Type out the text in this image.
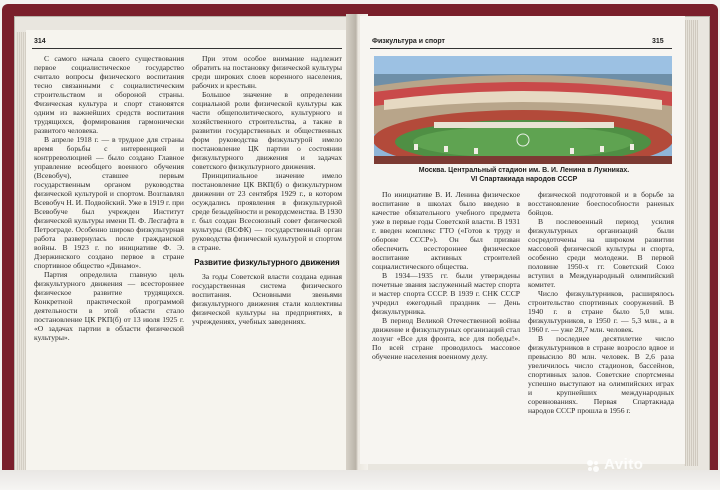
314

С самого начала своего существования первое социалистическое государство считало вопросы физического воспитания тесно связанными с социалистическим строительством и обороной страны. Физическая культура и спорт становятся одним из важнейших средств воспитания трудящихся, формирования гармонически развитого человека.

В апреле 1918 г. — в трудное для страны время борьбы с интервенцией и контрреволюцией — было создано Главное управление всеобщего военного обучения (Всевобуч), ставшее первым государственным органом руководства физической культурой и спортом. Возглавлял Всевобуч Н. И. Подвойский. Уже в 1919 г. при Всевобуче был учрежден Институт физической культуры имени П. Ф. Лесгафта в Петрограде. Особенно широко физкультурная работа развернулась после гражданской войны. В 1923 г. по инициативе Ф. Э. Дзержинского создано первое в стране спортивное общество «Динамо».

Партия определила главную цель физкультурного движения — всестороннее физическое развитие трудящихся. Конкретной практической программой деятельности в этой области стало постановление ЦК РКП(б) от 13 июля 1925 г. «О задачах партии в области физической культуры».

При этом особое внимание надлежит обратить на постановку физической культуры среди широких слоев коренного населения, рабочих и крестьян.

Большое значение в определении социальной роли физической культуры как части общеполитического, культурного и хозяйственного строительства, а также в развитии государственных и общественных форм руководства физкультурой имело постановление ЦК партии о состоянии физкультурного движения и задачах советского физкультурного движения.

Принципиальное значение имело постановление ЦК ВКП(б) о физкультурном движении от 23 сентября 1929 г., в котором осуждались проявления в физкультурной среде безыдейности и рекордсменства. В 1930 г. был создан Всесоюзный совет физической культуры (ВСФК) — государственный орган руководства физической культурой и спортом в стране.

Развитие физкультурного движения

За годы Советской власти создана единая государственная система физического воспитания. Основными звеньями физкультурного движения стали коллективы физической культуры на предприятиях, в учреждениях, учебных заведениях.

Физкультура и спорт	315
Москва. Центральный стадион им. В. И. Ленина в Лужниках.
VI Спартакиада народов СССР

По инициативе В. И. Ленина физическое воспитание в школах было введено в качестве обязательного учебного предмета уже в первые годы Советской власти. В 1931 г. введен комплекс ГТО («Готов к труду и обороне СССР»). Он был призван обеспечить всестороннее физическое воспитание активных строителей социалистического общества.

В 1934—1935 гг. были утверждены почетные звания заслуженный мастер спорта и мастер спорта СССР. В 1939 г. СНК СССР учредил ежегодный праздник — День физкультурника.

В период Великой Отечественной войны движение и физкультурных организаций стал лозунг «Все для фронта, все для победы!». По всей стране проводилось массовое обучение населения военному делу.

физической подготовкой и в борьбе за восстановление боеспособности раненых бойцов.

В послевоенный период усилия физкультурных организаций были сосредоточены на широком развитии массовой физической культуры и спорта, особенно среди молодежи. В первой половине 1950-х гг. Советский Союз вступил в Международный олимпийский комитет.

Число физкультурников, расширялось строительство спортивных сооружений. В 1940 г. в стране было 5,0 млн. физкультурников, в 1950 г. — 5,3 млн., а в 1960 г. — уже 28,7 млн. человек.

В последнее десятилетие число физкультурников в стране возросло вдвое и превысило 80 млн. человек. В 2,6 раза увеличилось число стадионов, бассейнов, спортивных залов. Советские спортсмены успешно выступают на олимпийских играх и крупнейших международных соревнованиях. Первая Спартакиада народов СССР прошла в 1956 г.

Avito
